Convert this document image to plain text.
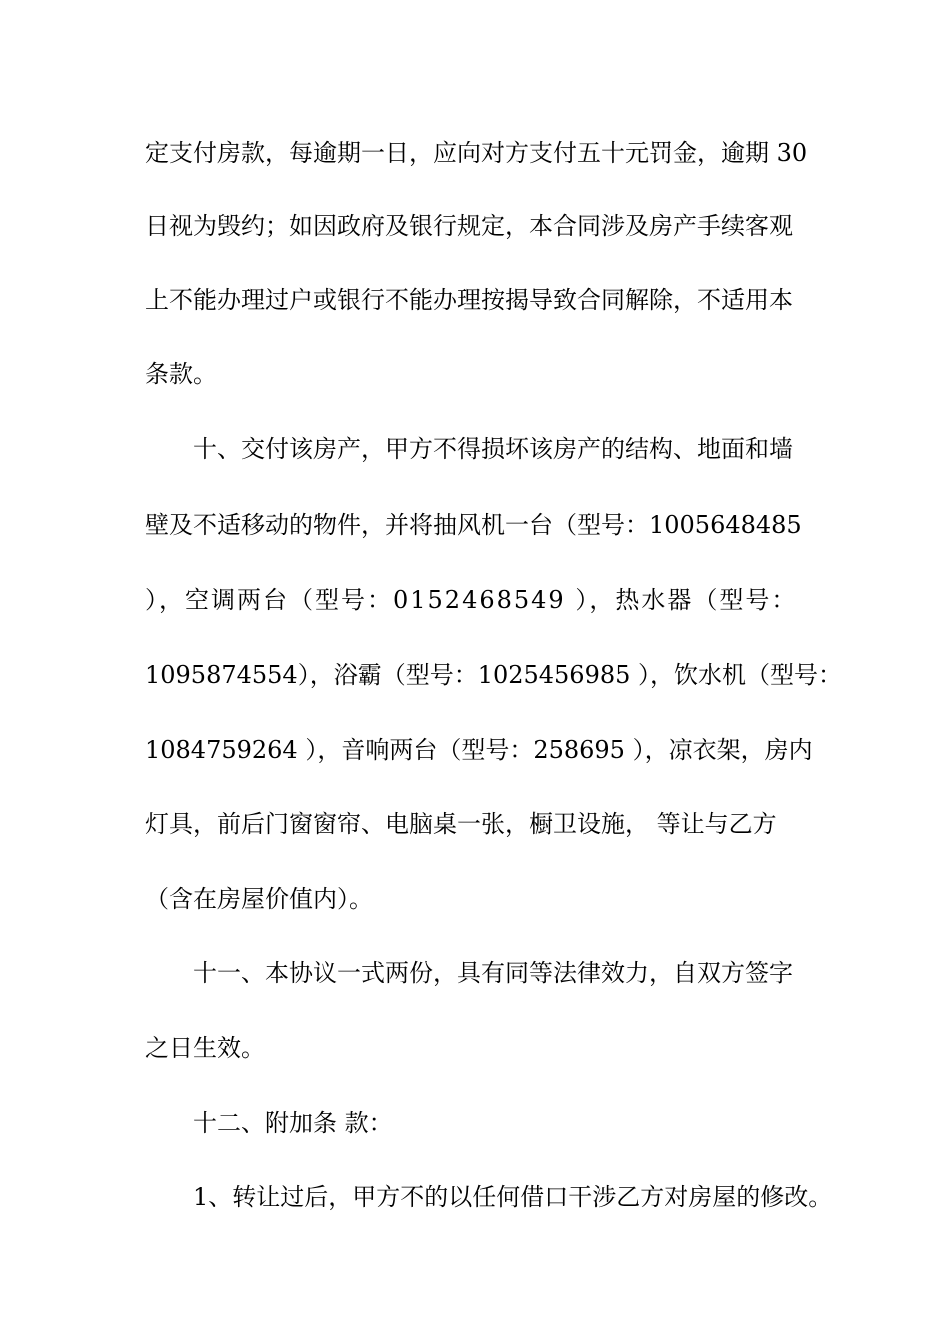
定支付房款，每逾期一日，应向对方支付五十元罚金，逾期 30
日视为毁约；如因政府及银行规定，本合同涉及房产手续客观
上不能办理过户或银行不能办理按揭导致合同解除，不适用本
条款。
十、交付该房产，甲方不得损坏该房产的结构、地面和墙
壁及不适移动的物件，并将抽风机一台（型号：1005648485
），空调两台（型号：0152468549 ），热水器（型号：
1095874554），浴霸（型号：1025456985 ），饮水机（型号：
1084759264 ），音响两台（型号：258695 ），凉衣架，房内
灯具，前后门窗窗帘、电脑桌一张，橱卫设施， 等让与乙方
（含在房屋价值内）。
十一、本协议一式两份，具有同等法律效力，自双方签字
之日生效。
十二、附加条 款：
1、转让过后，甲方不的以任何借口干涉乙方对房屋的修改。
